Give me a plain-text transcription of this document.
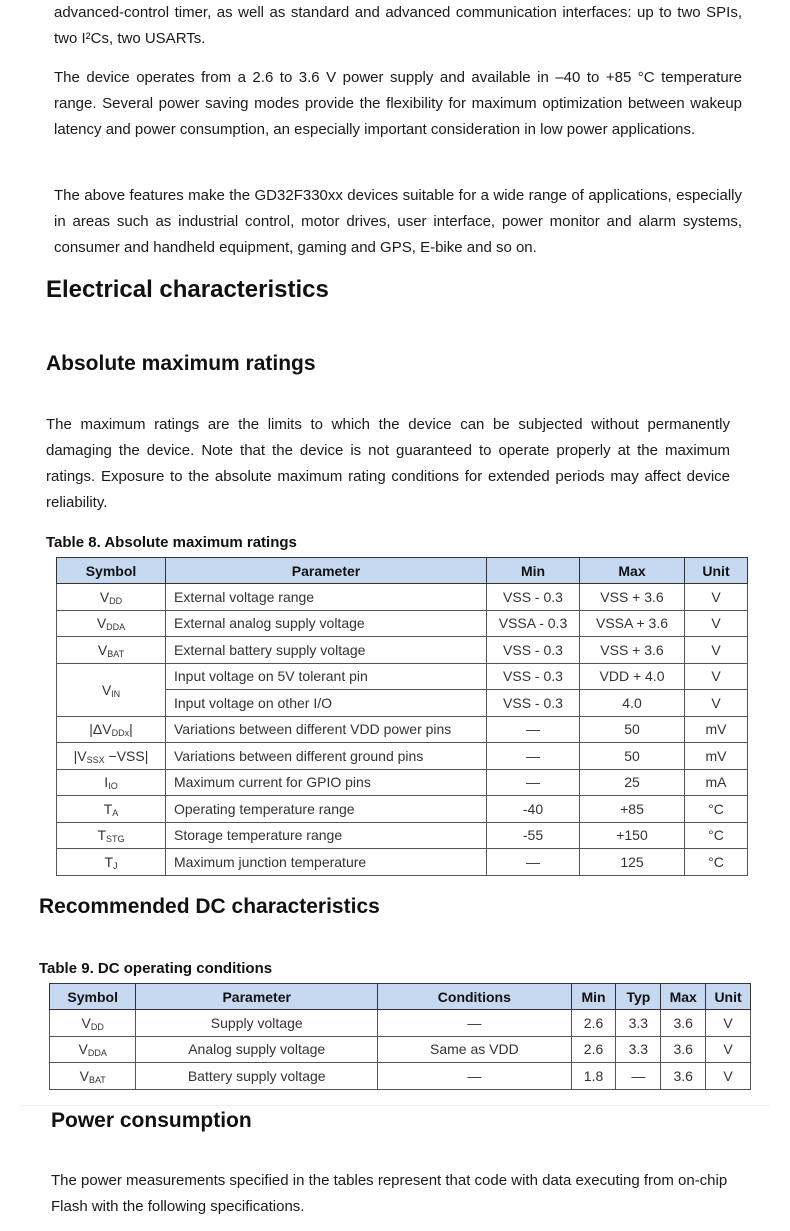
advanced-control timer, as well as standard and advanced communication interfaces: up to two SPIs, two I²Cs, two USARTs.

The device operates from a 2.6 to 3.6 V power supply and available in –40 to +85 °C temperature range. Several power saving modes provide the flexibility for maximum optimization between wakeup latency and power consumption, an especially important consideration in low power applications.

The above features make the GD32F330xx devices suitable for a wide range of applications, especially in areas such as industrial control, motor drives, user interface, power monitor and alarm systems, consumer and handheld equipment, gaming and GPS, E-bike and so on.

Electrical characteristics
Absolute maximum ratings

The maximum ratings are the limits to which the device can be subjected without permanently damaging the device. Note that the device is not guaranteed to operate properly at the maximum ratings. Exposure to the absolute maximum rating conditions for extended periods may affect device reliability.

Table 8. Absolute maximum ratings

Symbol	Parameter	Min	Max	Unit
$V_{DD}$	External voltage range	VSS - 0.3	VSS + 3.6	V
$V_{DDA}$	External analog supply voltage	VSSA - 0.3	VSSA + 3.6	V
$V_{BAT}$	External battery supply voltage	VSS - 0.3	VSS + 3.6	V
$V_{IN}$	Input voltage on 5V tolerant pin	VSS - 0.3	VDD + 4.0	V
	Input voltage on other I/O	VSS - 0.3	4.0	V
$|\Delta V_{DDx}|$	Variations between different VDD power pins	—	50	mV
$|V_{SSX} -VSS|$	Variations between different ground pins	—	50	mV
$I_{IO}$	Maximum current for GPIO pins	—	25	mA
$T_A$	Operating temperature range	-40	+85	°C
$T_{STG}$	Storage temperature range	-55	+150	°C
$T_J$	Maximum junction temperature	—	125	°C
Recommended DC characteristics

Table 9. DC operating conditions

Symbol	Parameter	Conditions	Min	Typ	Max	Unit
$V_{DD}$	Supply voltage	—	2.6	3.3	3.6	V
$V_{DDA}$	Analog supply voltage	Same as VDD	2.6	3.3	3.6	V
$V_{BAT}$	Battery supply voltage	—	1.8	—	3.6	V
Power consumption

The power measurements specified in the tables represent that code with data executing from on-chip Flash with the following specifications.
